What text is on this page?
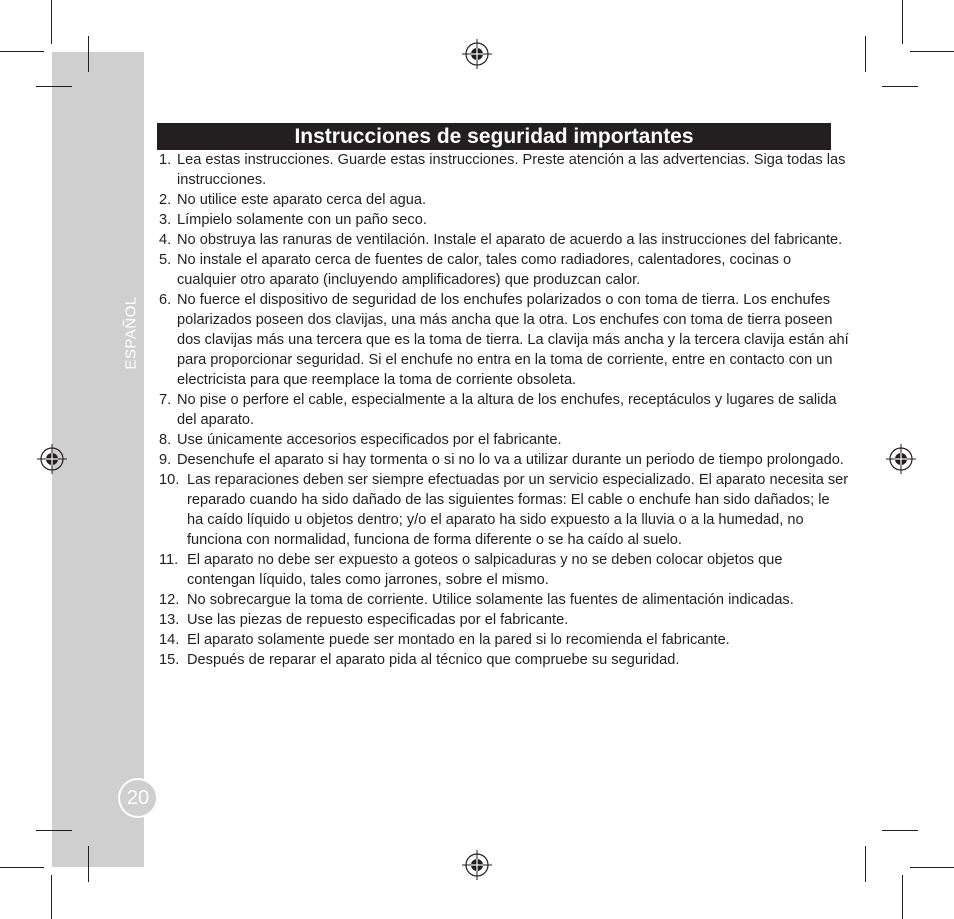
ESPAÑOL
20
Instrucciones de seguridad importantes
1. Lea estas instrucciones. Guarde estas instrucciones. Preste atención a las advertencias. Siga todas las instrucciones.
2. No utilice este aparato cerca del agua.
3. Límpielo solamente con un paño seco.
4. No obstruya las ranuras de ventilación. Instale el aparato de acuerdo a las instrucciones del fabricante.
5. No instale el aparato cerca de fuentes de calor, tales como radiadores, calentadores, cocinas o cualquier otro aparato (incluyendo amplificadores) que produzcan calor.
6. No fuerce el dispositivo de seguridad de los enchufes polarizados o con toma de tierra. Los enchufes polarizados poseen dos clavijas, una más ancha que la otra. Los enchufes con toma de tierra poseen dos clavijas más una tercera que es la toma de tierra. La clavija más ancha y la tercera clavija están ahí para proporcionar seguridad. Si el enchufe no entra en la toma de corriente, entre en contacto con un electricista para que reemplace la toma de corriente obsoleta.
7. No pise o perfore el cable, especialmente a la altura de los enchufes, receptáculos y lugares de salida del aparato.
8. Use únicamente accesorios especificados por el fabricante.
9. Desenchufe el aparato si hay tormenta o si no lo va a utilizar durante un periodo de tiempo prolongado.
10. Las reparaciones deben ser siempre efectuadas por un servicio especializado. El aparato necesita ser reparado cuando ha sido dañado de las siguientes formas: El cable o enchufe han sido dañados; le ha caído líquido u objetos dentro; y/o el aparato ha sido expuesto a la lluvia o a la humedad, no funciona con normalidad, funciona de forma diferente o se ha caído al suelo.
11. El aparato no debe ser expuesto a goteos o salpicaduras y no se deben colocar objetos que contengan líquido, tales como jarrones, sobre el mismo.
12. No sobrecargue la toma de corriente. Utilice solamente las fuentes de alimentación indicadas.
13. Use las piezas de repuesto especificadas por el fabricante.
14. El aparato solamente puede ser montado en la pared si lo recomienda el fabricante.
15. Después de reparar el aparato pida al técnico que compruebe su seguridad.
